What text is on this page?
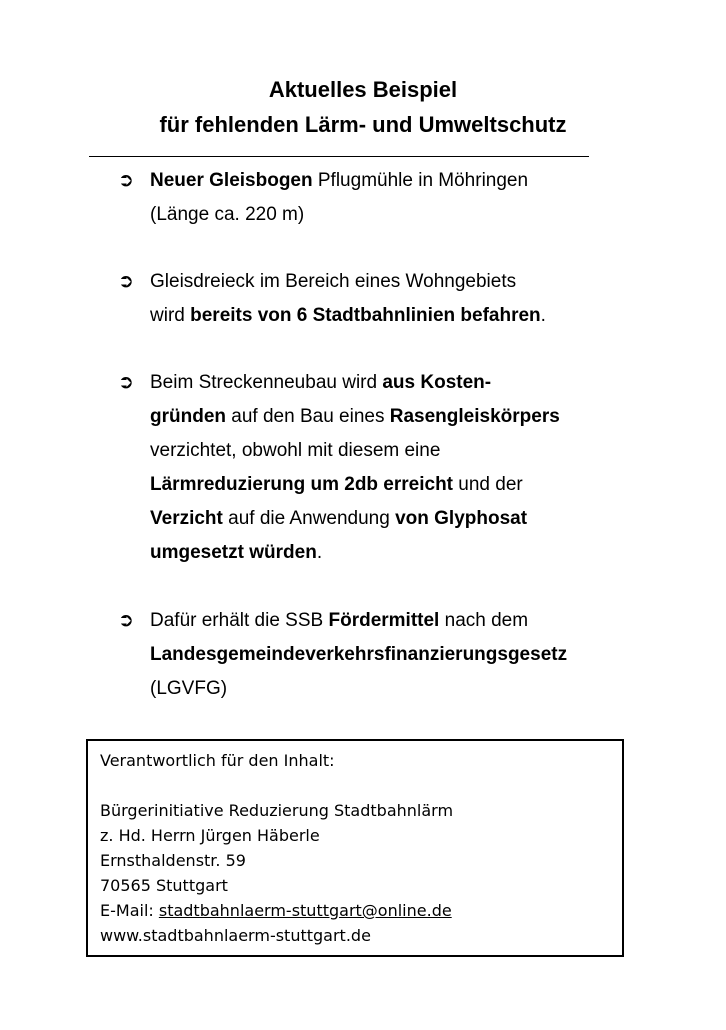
Aktuelles Beispiel
für fehlenden Lärm- und Umweltschutz
➲ Neuer Gleisbogen Pflugmühle in Möhringen
(Länge ca. 220 m)
➲ Gleisdreieck im Bereich eines Wohngebiets
wird bereits von 6 Stadtbahnlinien befahren.
➲ Beim Streckenneubau wird aus Kosten-
gründen auf den Bau eines Rasengleiskörpers
verzichtet, obwohl mit diesem eine
Lärmreduzierung um 2db erreicht und der
Verzicht auf die Anwendung von Glyphosat
umgesetzt würden.
➲ Dafür erhält die SSB Fördermittel nach dem
Landesgemeindeverkehrsfinanzierungsgesetz
(LGVFG)
Verantwortlich für den Inhalt:
Bürgerinitiative Reduzierung Stadtbahnlärm
z. Hd. Herrn Jürgen Häberle
Ernsthaldenstr. 59
70565 Stuttgart
E-Mail: stadtbahnlaerm-stuttgart@online.de
www.stadtbahnlaerm-stuttgart.de
